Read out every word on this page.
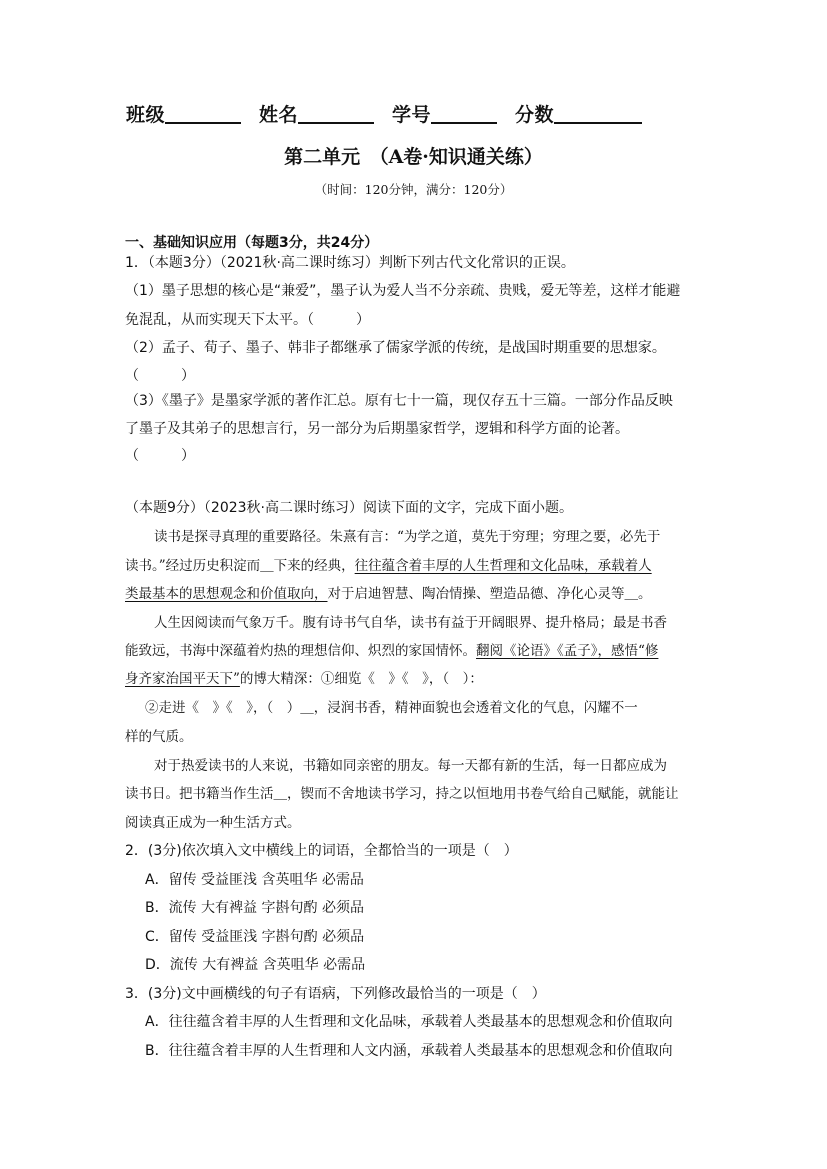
班级	姓名	学号	分数
第二单元　（A卷·知识通关练）
（时间：120分钟，满分：120分）
一、基础知识应用（每题3分，共24分）
1．（本题3分）（2021秋·高二课时练习）判断下列古代文化常识的正误。
（1）墨子思想的核心是“兼爱”，墨子认为爱人当不分亲疏、贵贱，爱无等差，这样才能避
免混乱，从而实现天下太平。（　　　）
（2）孟子、荀子、墨子、韩非子都继承了儒家学派的传统，是战国时期重要的思想家。
（　　　）
（3）《墨子》是墨家学派的著作汇总。原有七十一篇，现仅存五十三篇。一部分作品反映
了墨子及其弟子的思想言行，另一部分为后期墨家哲学，逻辑和科学方面的论著。
（　　　）
（本题9分）（2023秋·高二课时练习）阅读下面的文字，完成下面小题。
读书是探寻真理的重要路径。朱熹有言：“为学之道，莫先于穷理；穷理之要，必先于
读书。”经过历史积淀而＿下来的经典，往往蕴含着丰厚的人生哲理和文化品味，承载着人
类最基本的思想观念和价值取向，对于启迪智慧、陶冶情操、塑造品德、净化心灵等＿。
人生因阅读而气象万千。腹有诗书气自华，读书有益于开阔眼界、提升格局；最是书香
能致远，书海中深蕴着灼热的理想信仰、炽烈的家国情怀。翻阅《论语》《孟子》，感悟“修
身齐家治国平天下”的博大精深：①细览《　》《　》，（　）：
②走进《　》《　》，（　）＿，浸润书香，精神面貌也会透着文化的气息，闪耀不一
样的气质。
对于热爱读书的人来说，书籍如同亲密的朋友。每一天都有新的生活，每一日都应成为
读书日。把书籍当作生活＿，锲而不舍地读书学习，持之以恒地用书卷气给自己赋能，就能让
阅读真正成为一种生活方式。
2．(3分)依次填入文中横线上的词语，全都恰当的一项是（　）
A．留传 受益匪浅 含英咀华 必需品
B．流传 大有裨益 字斟句酌 必须品
C．留传 受益匪浅 字斟句酌 必须品
D．流传 大有裨益 含英咀华 必需品
3．(3分)文中画横线的句子有语病，下列修改最恰当的一项是（　）
A．往往蕴含着丰厚的人生哲理和文化品味，承载着人类最基本的思想观念和价值取向
B．往往蕴含着丰厚的人生哲理和人文内涵，承载着人类最基本的思想观念和价值取向
